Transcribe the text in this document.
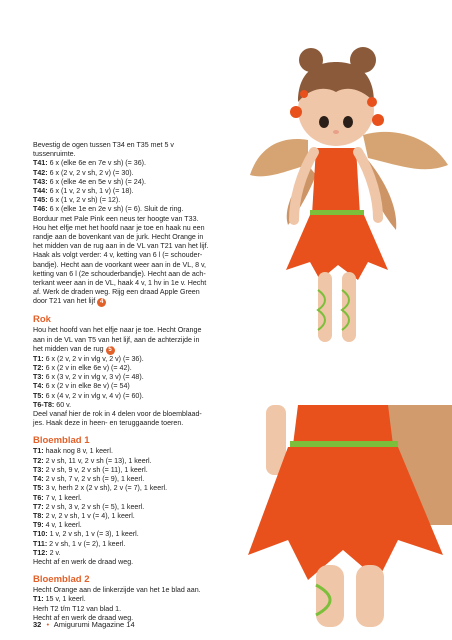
Bevestig de ogen tussen T34 en T35 met 5 v

tussenruimte.

T41: 6 x (elke 6e en 7e v sh) (= 36).

T42: 6 x (2 v, 2 v sh, 2 v) (= 30).

T43: 6 x (elke 4e en 5e v sh) (= 24).

T44: 6 x (1 v, 2 v sh, 1 v) (= 18).

T45: 6 x (1 v, 2 v sh) (= 12).

T46: 6 x (elke 1e en 2e v sh) (= 6). Sluit de ring.

Borduur met Pale Pink een neus ter hoogte van T33.

Hou het elfje met het hoofd naar je toe en haak nu een

randje aan de bovenkant van de jurk. Hecht Orange in

het midden van de rug aan in de VL van T21 van het lijf.

Haak als volgt verder: 4 v, ketting van 6 l (= schouder-

bandje). Hecht aan de voorkant weer aan in de VL, 8 v,

ketting van 6 l (2e schouderbandje). Hecht aan de ach-

terkant weer aan in de VL, haak 4 v, 1 hv in 1e v. Hecht

af. Werk de draden weg. Rijg een draad Apple Green

door T21 van het lijf 4

Rok

Hou het hoofd van het elfje naar je toe. Hecht Orange

aan in de VL van T5 van het lijf, aan de achterzijde in

het midden van de rug 5

T1: 6 x (2 v, 2 v in vlg v, 2 v) (= 36).

T2: 6 x (2 v in elke 6e v) (= 42).

T3: 6 x (3 v, 2 v in vlg v, 3 v) (= 48).

T4: 6 x (2 v in elke 8e v) (= 54)

T5: 6 x (4 v, 2 v in vlg v, 4 v) (= 60).

T6-T8: 60 v.

Deel vanaf hier de rok in 4 delen voor de bloemblaad-

jes. Haak deze in heen- en teruggaande toeren.

Bloemblad 1

T1: haak nog 8 v, 1 keerl.

T2: 2 v sh, 11 v, 2 v sh (= 13), 1 keerl.

T3: 2 v sh, 9 v, 2 v sh (= 11), 1 keerl.

T4: 2 v sh, 7 v, 2 v sh (= 9), 1 keerl.

T5: 3 v, herh 2 x (2 v sh), 2 v (= 7), 1 keerl.

T6: 7 v, 1 keerl.

T7: 2 v sh, 3 v, 2 v sh (= 5), 1 keerl.

T8: 2 v, 2 v sh, 1 v (= 4), 1 keerl.

T9: 4 v, 1 keerl.

T10: 1 v, 2 v sh, 1 v (= 3), 1 keerl.

T11: 2 v sh, 1 v (= 2), 1 keerl.

T12: 2 v.

Hecht af en werk de draad weg.

Bloemblad 2

Hecht Orange aan de linkerzijde van het 1e blad aan.

T1: 15 v, 1 keerl.

Herh T2 t/m T12 van blad 1.

Hecht af en werk de draad weg.

32 • Amigurumi Magazine 14
